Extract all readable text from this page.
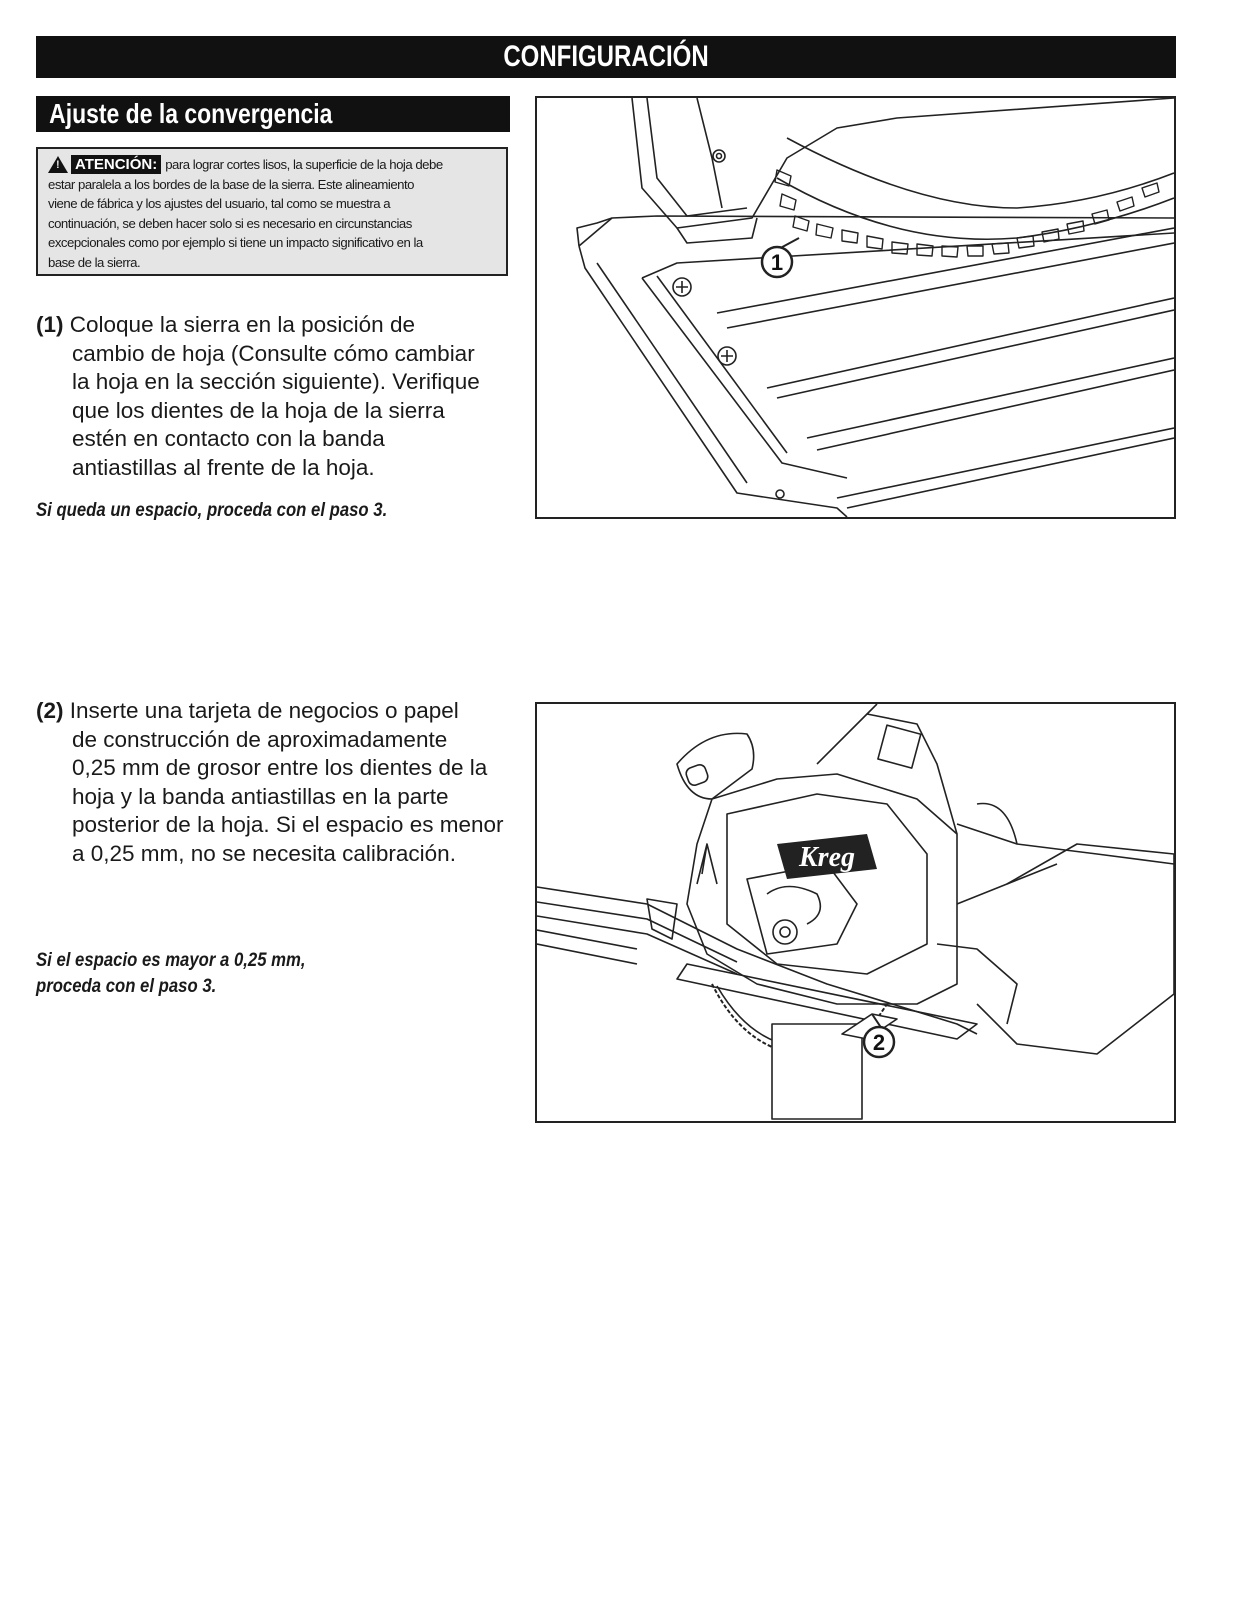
CONFIGURACIÓN
Ajuste de la convergencia
! ATENCIÓN: para lograr cortes lisos, la superficie de la hoja debe
estar paralela a los bordes de la base de la sierra. Este alineamiento
viene de fábrica y los ajustes del usuario, tal como se muestra a
continuación, se deben hacer solo si es necesario en circunstancias
excepcionales como por ejemplo si tiene un impacto significativo en la
base de la sierra.
(1) Coloque la sierra en la posición de
cambio de hoja (Consulte cómo cambiar
la hoja en la sección siguiente). Verifique
que los dientes de la hoja de la sierra
estén en contacto con la banda
antiastillas al frente de la hoja.
Si queda un espacio, proceda con el paso 3.
(2) Inserte una tarjeta de negocios o papel
de construcción de aproximadamente
0,25 mm de grosor entre los dientes de la
hoja y la banda antiastillas en la parte
posterior de la hoja. Si el espacio es menor
a 0,25 mm, no se necesita calibración.
Si el espacio es mayor a 0,25 mm,
proceda con el paso 3.
1
Kreg
2
